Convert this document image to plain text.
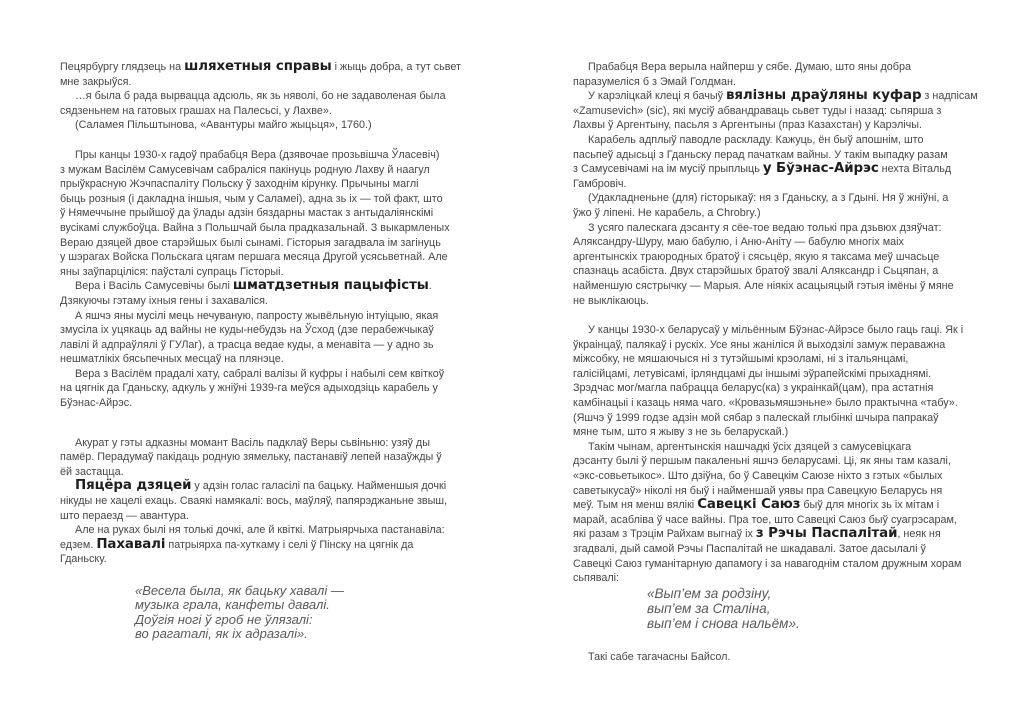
Пецярбургу глядзець на шляхетныя справы і жыць добра, а тут сьвет
мне закрыўся.
…я была б рада вырвацца адсюль, як зь няволі, бо не задаволеная была
сядзеньнем на гатовых грашах на Палесьсі, у Лахве».
(Саламея Пільштынова, «Авантуры майго жыцьця», 1760.)
Пры канцы 1930-х гадоў прабабця Вера (дзявочае прозьвішча Ўласевіч)
з мужам Васілём Самусевічам сабраліся пакінуць родную Лахву й наагул
прыўкрасную Жэчпаспаліту Польску ў заходнім кірунку. Прычыны маглі
быць розныя (і дакладна іншыя, чым у Саламеі), адна зь іх — той факт, што
ў Нямеччыне прыйшоў да ўлады адзін бяздарны мастак з антыдаліянскімі
вусікамі службоўца. Вайна з Польшчай была прадказальнай. З выкармленых
Вераю дзяцей двое старэйшых былі сынамі. Гісторыя загадвала ім загінуць
у шэрагах Войска Польскага цягам першага месяца Другой усясьветнай. Але
яны заўпарціліся: паўсталі супраць Гісторыі.
Вера і Васіль Самусевічы былі шматдзетныя пацыфісты.
Дзякуючы гэтаму іхныя гены і захаваліся.
А яшчэ яны мусілі мець нечуваную, папросту жывёльную інтуіцыю, якая
змусіла іх уцякаць ад вайны не куды-небудзь на Ўсход (дзе перабежчыкаў
лавілі й адпраўлялі ў ГУЛаг), а трасца ведае куды, а менавіта — у адно зь
нешматлікіх бясьпечных месцаў на плянэце.
Вера з Васілём прадалі хату, сабралі валізы й куфры і набылі сем квіткоў
на цягнік да Гданьску, адкуль у жніўні 1939-га меўся адыходзіць карабель у
Бўэнас-Айрэс.
Акурат у гэты адказны момант Васіль падклаў Веры сьвіньню: узяў ды
памёр. Перадумаў пакідаць родную зямельку, пастанавіў лепей назаўжды ў
ёй застацца.
Пяцёра дзяцей у адзін голас галасілі па бацьку. Найменшыя дочкі
нікуды не хацелі ехаць. Сваякі намякалі: вось, маўляў, папярэджаньне звыш,
што пераезд — авантура.
Але на руках былі ня толькі дочкі, але й квіткі. Матрыярчыха пастанавіла:
едзем. Пахавалі патрыярха па-хуткаму і селі ў Пінску на цягнік да
Гданьску.
«Весела была, як бацьку хавалі —
музыка грала, канфеты давалі.
Доўгія ногі ў гроб не ўлязалі:
во рагаталі, як іх адразалі».
Прабабця Вера верыла найперш у сябе. Думаю, што яны добра
паразумеліся б з Эмай Голдман.
У карэліцкай клеці я бачыў вялізны драўляны куфар з надпісам
«Zamusevich» (sic), які мусіў абвандраваць сьвет туды і назад: сьпярша з
Лахвы ў Аргентыну, пасьля з Аргентыны (праз Казахстан) у Карэлічы.
Карабель адплыў паводле раскладу. Кажуць, ён быў апошнім, што
пасьпеў адысьці з Гданьску перад пачаткам вайны. У такім выпадку разам
з Самусевічамі на ім мусіў прыплыць у Бўэнас-Айрэс нехта Вітальд
Гамбровіч.
(Удакладненьне (для) гісторыкаў: ня з Гданьску, а з Гдыні. Ня ў жніўні, а
ўжо ў ліпені. Не карабель, а Chrobry.)
З усяго палескага дэсанту я сёе-тое ведаю толькі пра дзьвюх дзяўчат:
Аляксандру-Шуру, маю бабулю, і Аню-Аніту — бабулю многіх маіх
аргентынскіх траюродных братоў і сясьцёр, якую я таксама меў шчасьце
спазнаць асабіста. Двух старэйшых братоў звалі Аляксандр і Сьцяпан, а
найменшую сястрычку — Марыя. Але ніякіх асацыяцый гэтыя імёны ў мяне
не выклікаюць.
У канцы 1930-х беларусаў у мільённым Бўэнас-Айрэсе было гаць гаці. Як і
ўкраінцаў, палякаў і рускіх. Усе яны жаніліся й выходзілі замуж пераважна
міжсобку, не мяшаючыся ні з тутэйшымі крэоламі, ні з італьянцамі,
галісійцамі, летувісамі, ірляндцамі ды іншымі эўрапейскімі прыхаднямі.
Зрэдчас мог/магла пабрацца беларус(ка) з украінкай(цам), пра астатнія
камбінацыі і казаць няма чаго. «Кровазьмяшэньне» было практычна «табу».
(Яшчэ ў 1999 годзе адзін мой сябар з палескай глыбінкі шчыра папракаў
мяне тым, што я жыву з не зь беларускай.)
Такім чынам, аргентынскія нашчадкі ўсіх дзяцей з самусевіцкага
дэсанту былі ў першым пакаленьні яшчэ беларусамі. Ці, як яны там казалі,
«экс-совьетыкос». Што дзіўна, бо ў Савецкім Саюзе ніхто з гэтых «былых
саветыкусаў» ніколі ня быў і найменшай уявы пра Савецкую Беларусь ня
меў. Тым ня менш вялікі Савецкі Саюз быў для многіх зь іх мітам і
марай, асабліва ў часе вайны. Пра тое, што Савецкі Саюз быў суагрэсарам,
які разам з Трэцім Райхам выгнаў іх з Рэчы Паспалітай, неяк ня
згадвалі, дый самой Рэчы Паспалітай не шкадавалі. Затое дасылалі ў
Савецкі Саюз гуманітарную дапамогу і за навагоднім сталом дружным хорам
сьпявалі:
«Вып’ем за родзіну,
вып’ем за Сталіна,
вып’ем і снова нальём».
Такі сабе тагачасны Байсол.
